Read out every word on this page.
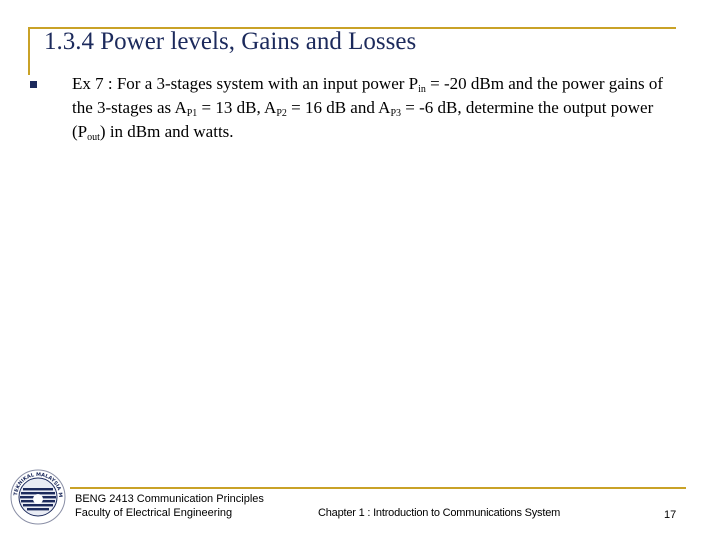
1.3.4 Power levels, Gains and Losses

Ex 7 : For a 3-stages system with an input power $P_{in} = -20$ dBm and the power gains of the 3-stages as $A_{P1} = 13$ dB, $A_{P2} = 16$ dB and $A_{P3} = -6$ dB, determine the output power $(P_{out})$ in dBm and watts.

TEKNIKAL MALAYSIA M BENG 2413 Communication Principles
Faculty of Electrical Engineering	Chapter 1 : Introduction to Communications System	17
